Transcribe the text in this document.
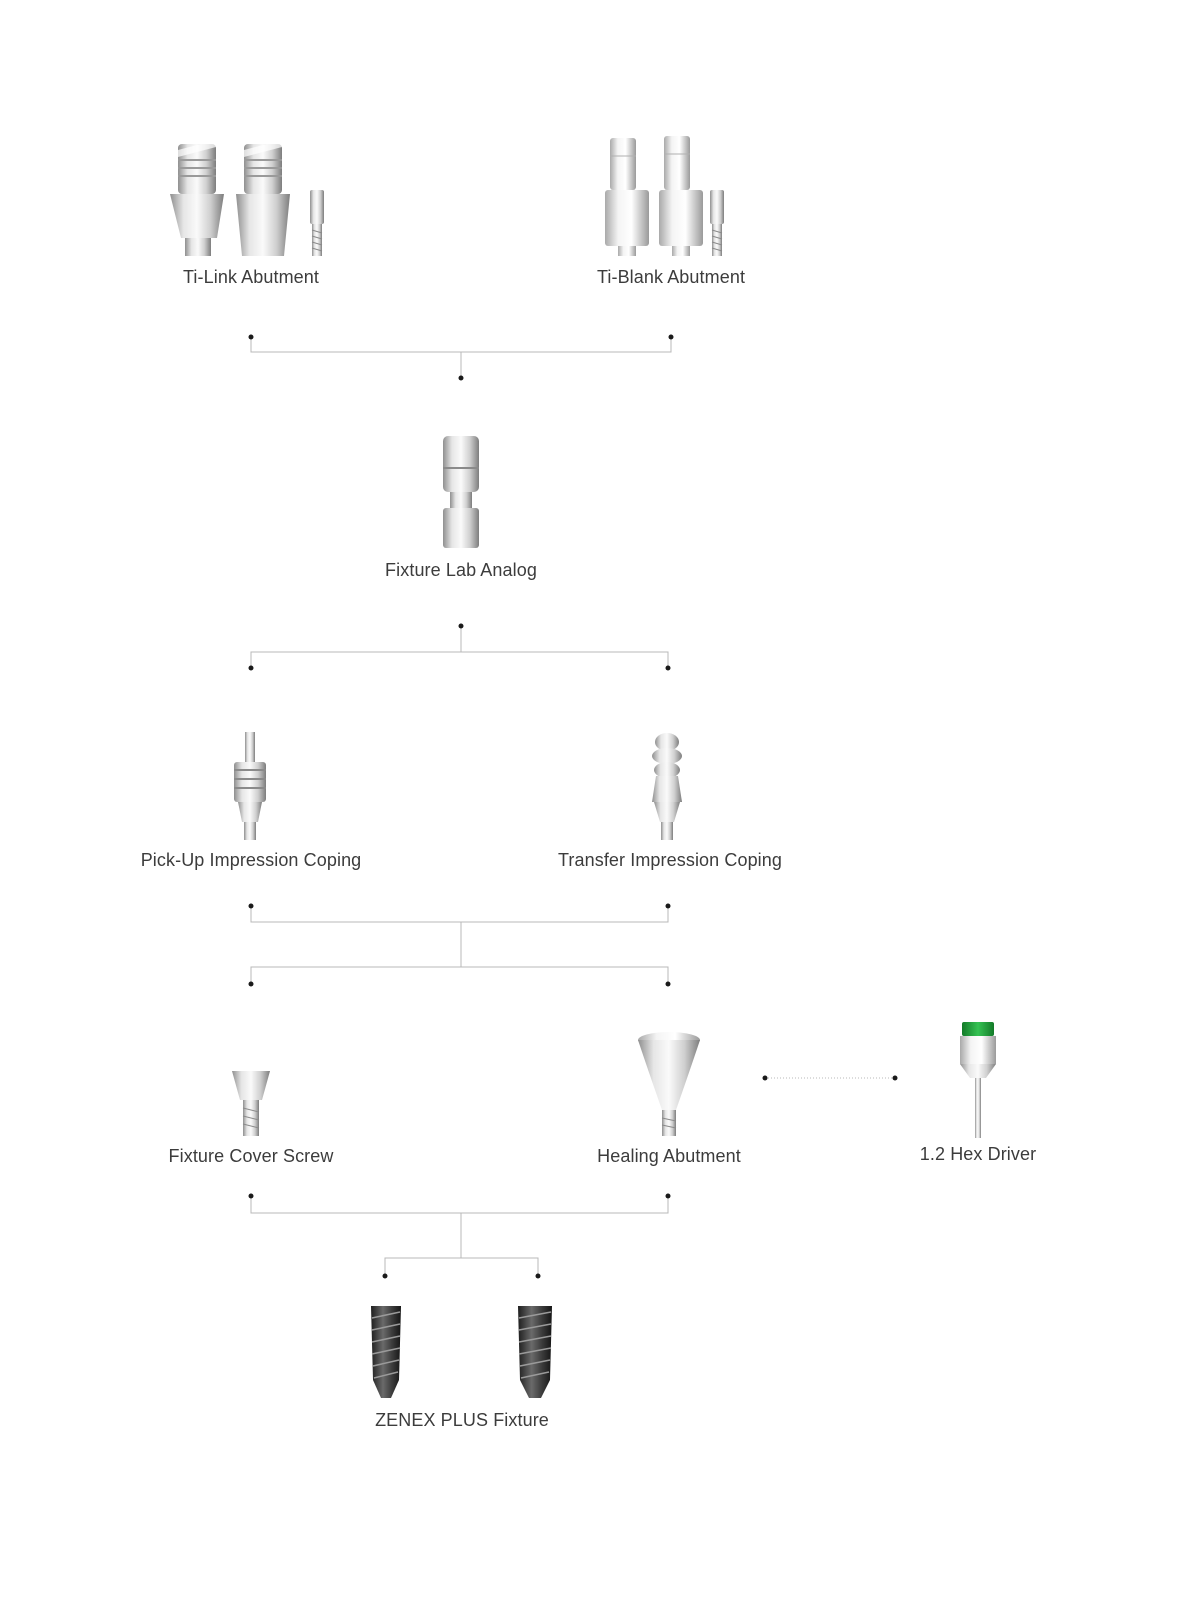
Ti-Link Abutment	Ti-Blank Abutment
Fixture Lab Analog
Pick-Up Impression Coping	Transfer Impression Coping
Fixture Cover Screw	Healing Abutment	1.2 Hex Driver
ZENEX PLUS Fixture
